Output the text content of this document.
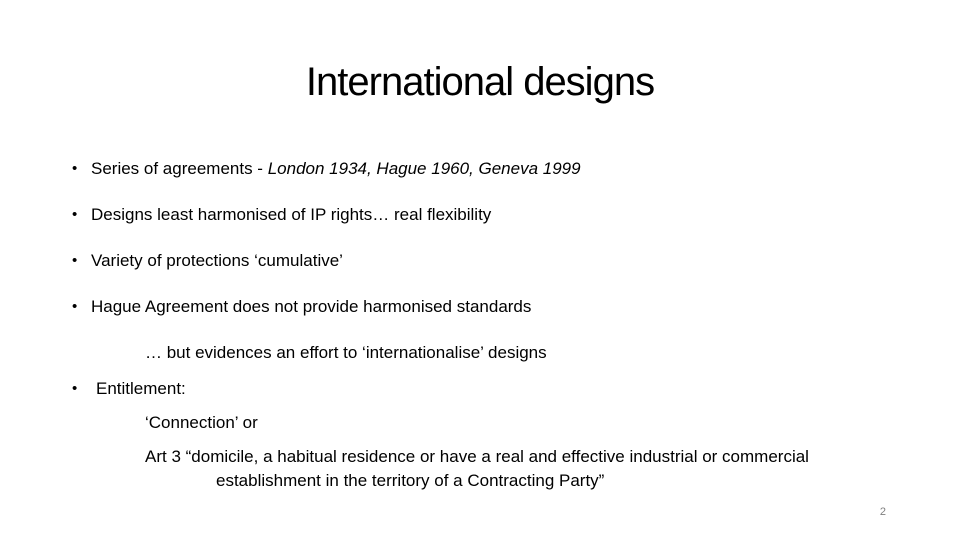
International designs
• Series of agreements - London 1934, Hague 1960, Geneva 1999
• Designs least harmonised of IP rights… real flexibility
• Variety of protections ‘cumulative’
• Hague Agreement does not provide harmonised standards
… but evidences an effort to ‘internationalise’ designs
• Entitlement:
‘Connection’ or
Art 3 “domicile, a habitual residence or have a real and effective industrial or commercial
establishment in the territory of a Contracting Party”
2
